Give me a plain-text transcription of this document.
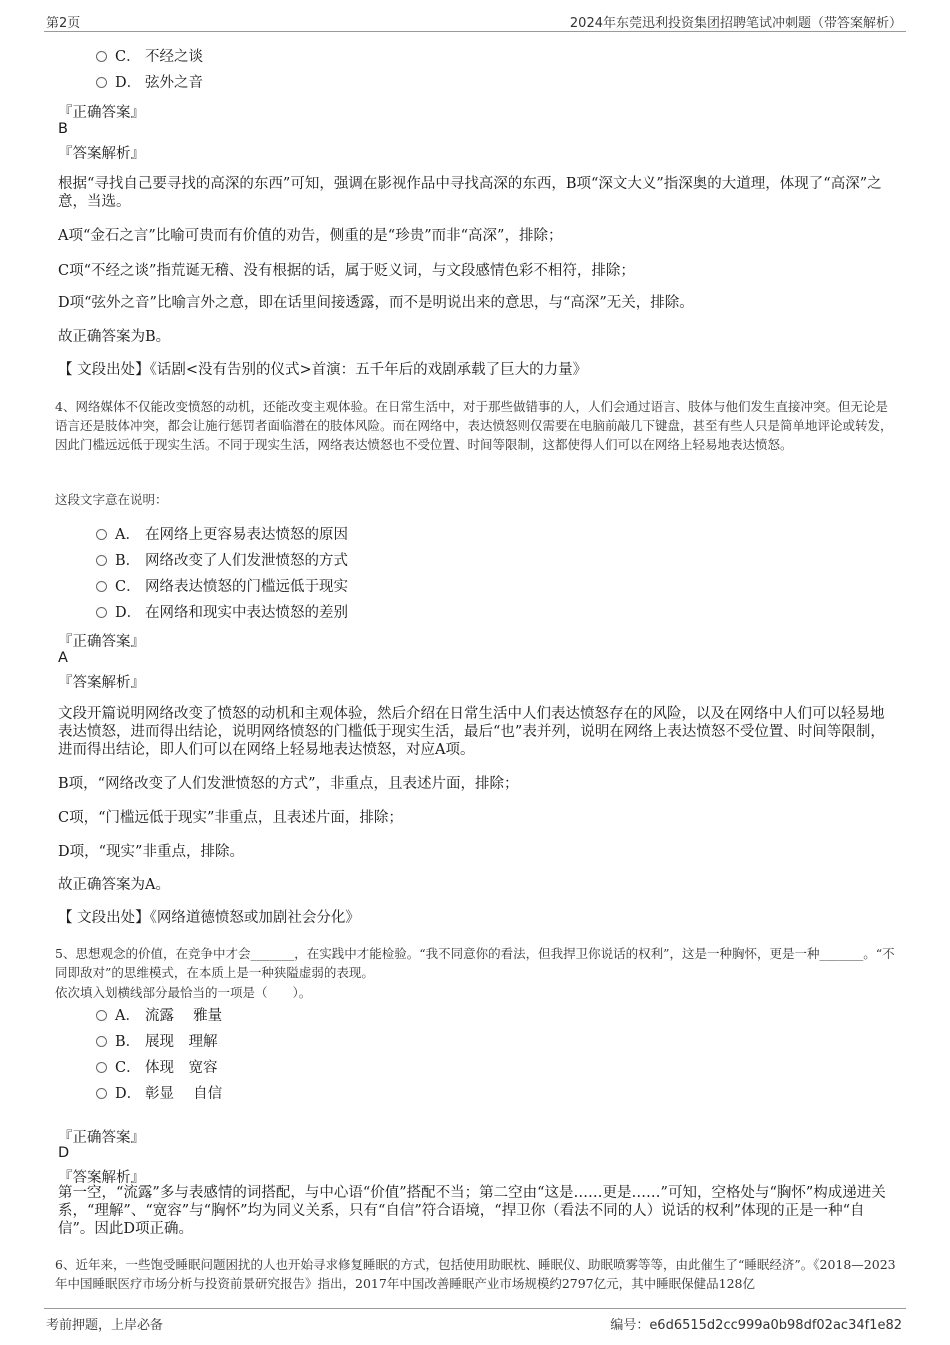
第2页	2024年东莞迅利投资集团招聘笔试冲刺题（带答案解析）
C． 不经之谈
D． 弦外之音
『正确答案』
B
『答案解析』
根据“寻找自己要寻找的高深的东西”可知，强调在影视作品中寻找高深的东西，B项“深文大义”指深奥的大道理，体现了“高深”之意，当选。
A项“金石之言”比喻可贵而有价值的劝告，侧重的是“珍贵”而非“高深”，排除；
C项“不经之谈”指荒诞无稽、没有根据的话，属于贬义词，与文段感情色彩不相符，排除；
D项“弦外之音”比喻言外之意，即在话里间接透露，而不是明说出来的意思，与“高深”无关，排除。
故正确答案为B。
【 文段出处】《话剧<没有告别的仪式>首演：五千年后的戏剧承载了巨大的力量》
4、网络媒体不仅能改变愤怒的动机，还能改变主观体验。在日常生活中，对于那些做错事的人，人们会通过语言、肢体与他们发生直接冲突。但无论是语言还是肢体冲突，都会让施行惩罚者面临潜在的肢体风险。而在网络中，表达愤怒则仅需要在电脑前敲几下键盘，甚至有些人只是简单地评论或转发，因此门槛远远低于现实生活。不同于现实生活，网络表达愤怒也不受位置、时间等限制，这都使得人们可以在网络上轻易地表达愤怒。
这段文字意在说明：
A． 在网络上更容易表达愤怒的原因
B． 网络改变了人们发泄愤怒的方式
C． 网络表达愤怒的门槛远低于现实
D． 在网络和现实中表达愤怒的差别
『正确答案』
A
『答案解析』
文段开篇说明网络改变了愤怒的动机和主观体验，然后介绍在日常生活中人们表达愤怒存在的风险，以及在网络中人们可以轻易地表达愤怒，进而得出结论，说明网络愤怒的门槛低于现实生活，最后“也”表并列，说明在网络上表达愤怒不受位置、时间等限制，进而得出结论，即人们可以在网络上轻易地表达愤怒，对应A项。
B项，“网络改变了人们发泄愤怒的方式”，非重点，且表述片面，排除；
C项，“门槛远低于现实”非重点，且表述片面，排除；
D项，“现实”非重点，排除。
故正确答案为A。
【 文段出处】《网络道德愤怒或加剧社会分化》
5、思想观念的价值，在竞争中才会_______，在实践中才能检验。“我不同意你的看法，但我捍卫你说话的权利”，这是一种胸怀，更是一种_______。“不同即敌对”的思维模式，在本质上是一种狭隘虚弱的表现。
依次填入划横线部分最恰当的一项是（　　）。
A． 流露　 雅量
B． 展现　理解
C． 体现　宽容
D． 彰显　 自信
『正确答案』
D
『答案解析』
第一空，“流露”多与表感情的词搭配，与中心语“价值”搭配不当；第二空由“这是……更是……”可知，空格处与“胸怀”构成递进关系，“理解”、“宽容”与“胸怀”均为同义关系，只有“自信”符合语境，“捍卫你（看法不同的人）说话的权利”体现的正是一种“自信”。因此D项正确。
6、近年来，一些饱受睡眠问题困扰的人也开始寻求修复睡眠的方式，包括使用助眠枕、睡眠仪、助眠喷雾等等，由此催生了“睡眠经济”。《2018—2023年中国睡眠医疗市场分析与投资前景研究报告》指出，2017年中国改善睡眠产业市场规模约2797亿元，其中睡眠保健品128亿
考前押题，上岸必备	编号：e6d6515d2cc999a0b98df02ac34f1e82
